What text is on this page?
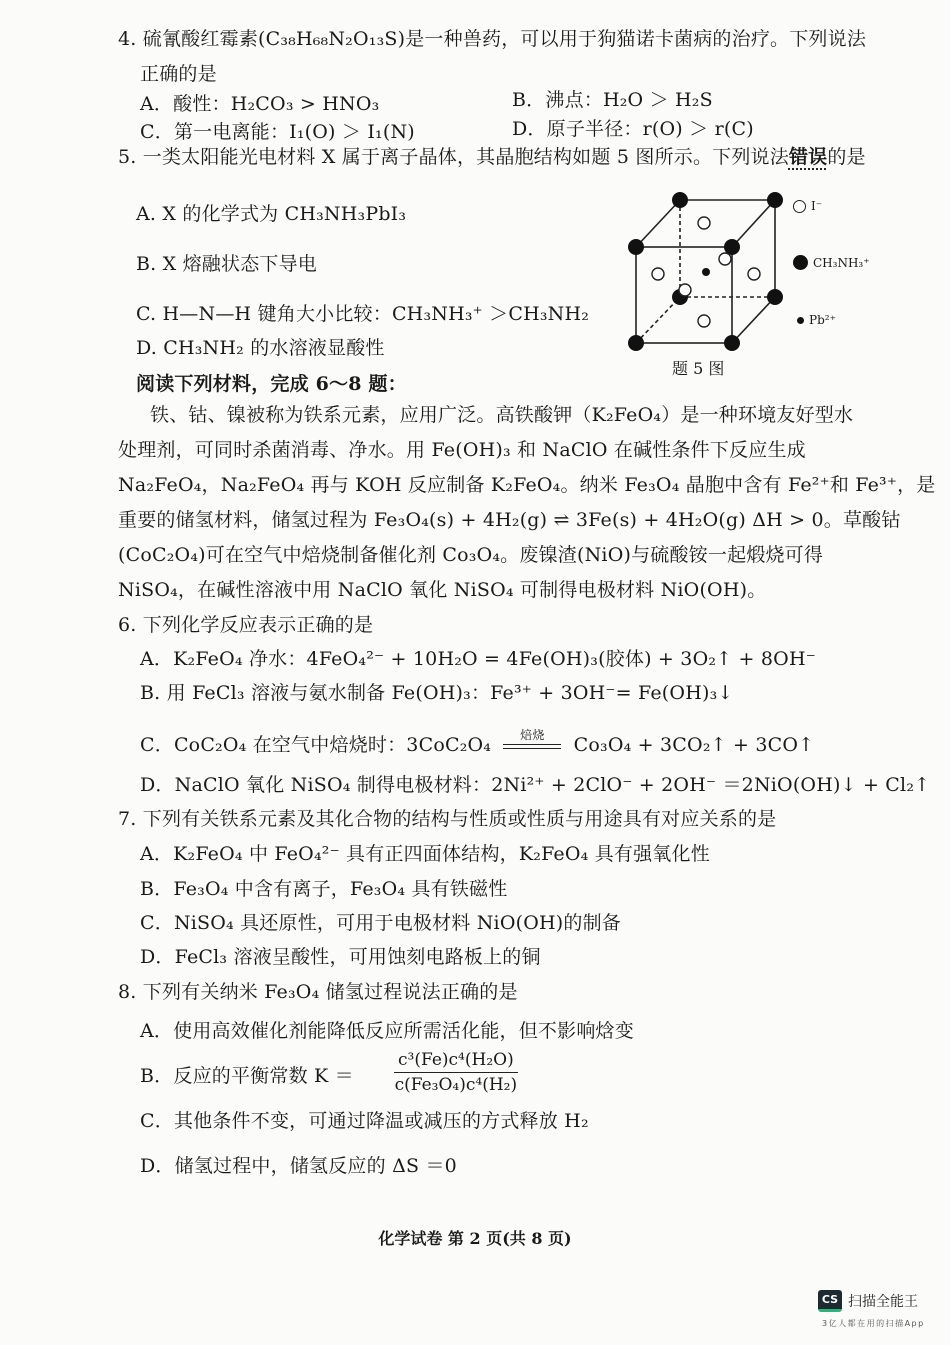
4. 硫氰酸红霉素(C₃₈H₆₈N₂O₁₃S)是一种兽药，可以用于狗猫诺卡菌病的治疗。下列说法
正确的是
A．酸性：H₂CO₃ > HNO₃	B．沸点：H₂O ＞ H₂S
C．第一电离能：I₁(O) ＞ I₁(N)	D．原子半径：r(O) ＞ r(C)
5. 一类太阳能光电材料 X 属于离子晶体，其晶胞结构如题 5 图所示。下列说法错误的是
A. X 的化学式为 CH₃NH₃PbI₃
B. X 熔融状态下导电
C. H—N—H 键角大小比较：CH₃NH₃⁺ ＞CH₃NH₂
D. CH₃NH₂ 的水溶液显酸性
I⁻
CH₃NH₃⁺
Pb²⁺
题 5 图
阅读下列材料，完成 6～8 题：
铁、钴、镍被称为铁系元素，应用广泛。高铁酸钾（K₂FeO₄）是一种环境友好型水
处理剂，可同时杀菌消毒、净水。用 Fe(OH)₃ 和 NaClO 在碱性条件下反应生成
Na₂FeO₄，Na₂FeO₄ 再与 KOH 反应制备 K₂FeO₄。纳米 Fe₃O₄ 晶胞中含有 Fe²⁺和 Fe³⁺，是
重要的储氢材料，储氢过程为 Fe₃O₄(s) + 4H₂(g) ⇌ 3Fe(s) + 4H₂O(g) ΔH > 0。草酸钴
(CoC₂O₄)可在空气中焙烧制备催化剂 Co₃O₄。废镍渣(NiO)与硫酸铵一起煅烧可得
NiSO₄，在碱性溶液中用 NaClO 氧化 NiSO₄ 可制得电极材料 NiO(OH)。
6. 下列化学反应表示正确的是
A．K₂FeO₄ 净水：4FeO₄²⁻ + 10H₂O = 4Fe(OH)₃(胶体) + 3O₂↑ + 8OH⁻
B. 用 FeCl₃ 溶液与氨水制备 Fe(OH)₃：Fe³⁺ + 3OH⁻= Fe(OH)₃↓
C．CoC₂O₄ 在空气中焙烧时：3CoC₂O₄	焙烧	Co₃O₄ + 3CO₂↑ + 3CO↑
D．NaClO 氧化 NiSO₄ 制得电极材料：2Ni²⁺ + 2ClO⁻ + 2OH⁻ ＝2NiO(OH)↓ + Cl₂↑
7. 下列有关铁系元素及其化合物的结构与性质或性质与用途具有对应关系的是
A．K₂FeO₄ 中 FeO₄²⁻ 具有正四面体结构，K₂FeO₄ 具有强氧化性
B．Fe₃O₄ 中含有离子，Fe₃O₄ 具有铁磁性
C．NiSO₄ 具还原性，可用于电极材料 NiO(OH)的制备
D．FeCl₃ 溶液呈酸性，可用蚀刻电路板上的铜
8. 下列有关纳米 Fe₃O₄ 储氢过程说法正确的是
A．使用高效催化剂能降低反应所需活化能，但不影响焓变
B．反应的平衡常数 $K = \frac{\text{c³(Fe)c⁴(H₂O)}}{\text{c(Fe₃O₄)c⁴(H₂)}}$
C．其他条件不变，可通过降温或减压的方式释放 H₂
D．储氢过程中，储氢反应的 ΔS ＝0
化学试卷 第 2 页(共 8 页)
CS 扫描全能王
3亿人都在用的扫描App
